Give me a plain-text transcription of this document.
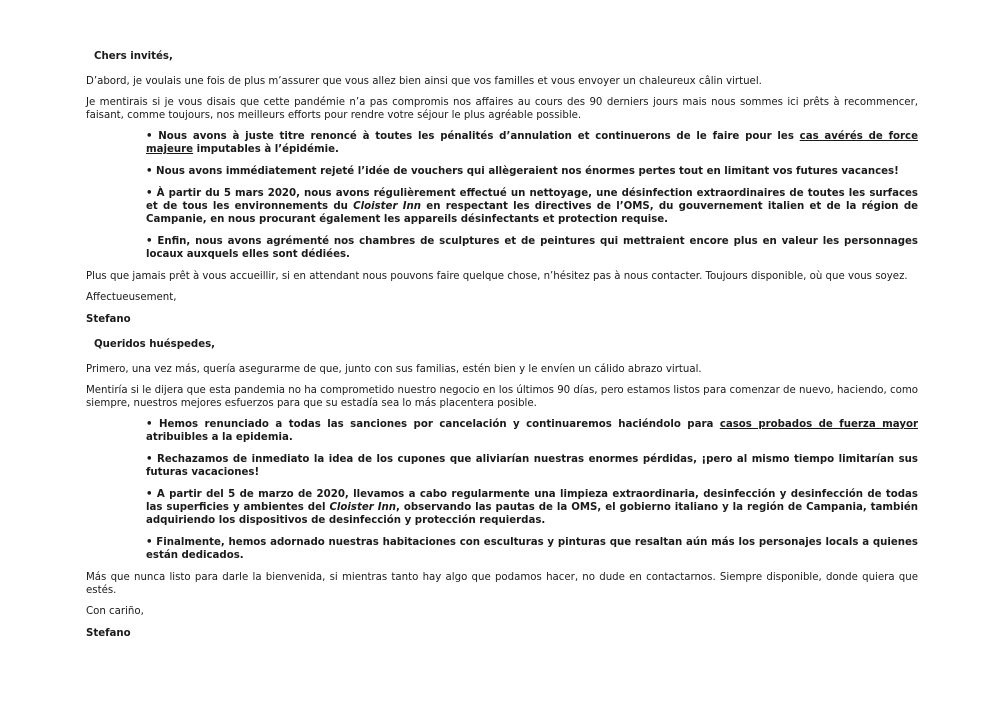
Chers invités,

D’abord, je voulais une fois de plus m’assurer que vous allez bien ainsi que vos familles et vous envoyer un chaleureux câlin virtuel.

Je mentirais si je vous disais que cette pandémie n’a pas compromis nos affaires au cours des 90 derniers jours mais nous sommes ici prêts à recommencer, faisant, comme toujours, nos meilleurs efforts pour rendre votre séjour le plus agréable possible.

• Nous avons à juste titre renoncé à toutes les pénalités d’annulation et continuerons de le faire pour les cas avérés de force majeure imputables à l’épidémie.
• Nous avons immédiatement rejeté l’idée de vouchers qui allègeraient nos énormes pertes tout en limitant vos futures vacances!
• À partir du 5 mars 2020, nous avons régulièrement effectué un nettoyage, une désinfection extraordinaires de toutes les surfaces et de tous les environnements du Cloister Inn en respectant les directives de l’OMS, du gouvernement italien et de la région de Campanie, en nous procurant également les appareils désinfectants et protection requise.
• Enfin, nous avons agrémenté nos chambres de sculptures et de peintures qui mettraient encore plus en valeur les personnages locaux auxquels elles sont dédiées.

Plus que jamais prêt à vous accueillir, si en attendant nous pouvons faire quelque chose, n’hésitez pas à nous contacter. Toujours disponible, où que vous soyez.

Affectueusement,
Stefano
Queridos huéspedes,

Primero, una vez más, quería asegurarme de que, junto con sus familias, estén bien y le envíen un cálido abrazo virtual.

Mentiría si le dijera que esta pandemia no ha comprometido nuestro negocio en los últimos 90 días, pero estamos listos para comenzar de nuevo, haciendo, como siempre, nuestros mejores esfuerzos para que su estadía sea lo más placentera posible.

• Hemos renunciado a todas las sanciones por cancelación y continuaremos haciéndolo para casos probados de fuerza mayor atribuibles a la epidemia.
• Rechazamos de inmediato la idea de los cupones que aliviarían nuestras enormes pérdidas, ¡pero al mismo tiempo limitarían sus futuras vacaciones!
• A partir del 5 de marzo de 2020, llevamos a cabo regularmente una limpieza extraordinaria, desinfección y desinfección de todas las superficies y ambientes del Cloister Inn, observando las pautas de la OMS, el gobierno italiano y la región de Campania, también adquiriendo los dispositivos de desinfección y protección requierdas.
• Finalmente, hemos adornado nuestras habitaciones con esculturas y pinturas que resaltan aún más los personajes locals a quienes están dedicados.

Más que nunca listo para darle la bienvenida, si mientras tanto hay algo que podamos hacer, no dude en contactarnos. Siempre disponible, donde quiera que estés.

Con cariño,
Stefano
